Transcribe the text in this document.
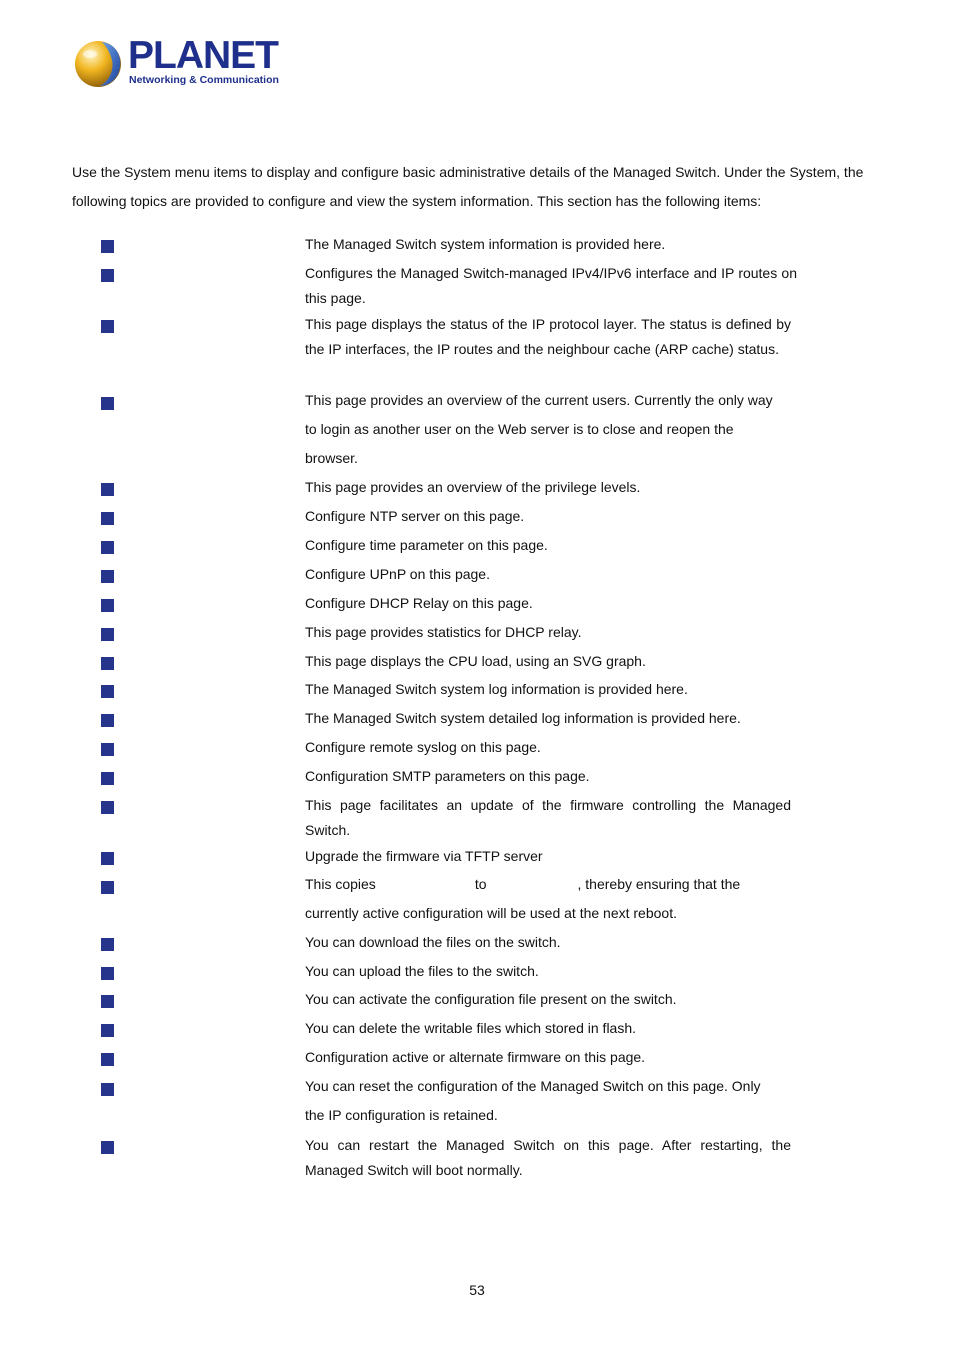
PLANET
Networking & Communication
Use the System menu items to display and configure basic administrative details of the Managed Switch. Under the System, the following topics are provided to configure and view the system information. This section has the following items:
The Managed Switch system information is provided here.
Configures the Managed Switch-managed IPv4/IPv6 interface and IP routes on this page.
This page displays the status of the IP protocol layer. The status is defined by the IP interfaces, the IP routes and the neighbour cache (ARP cache) status.
This page provides an overview of the current users. Currently the only way to login as another user on the Web server is to close and reopen the browser.
This page provides an overview of the privilege levels.
Configure NTP server on this page.
Configure time parameter on this page.
Configure UPnP on this page.
Configure DHCP Relay on this page.
This page provides statistics for DHCP relay.
This page displays the CPU load, using an SVG graph.
The Managed Switch system log information is provided here.
The Managed Switch system detailed log information is provided here.
Configure remote syslog on this page.
Configuration SMTP parameters on this page.
This page facilitates an update of the firmware controlling the Managed Switch.
Upgrade the firmware via TFTP server
This copies	to	, thereby ensuring that the
currently active configuration will be used at the next reboot.
You can download the files on the switch.
You can upload the files to the switch.
You can activate the configuration file present on the switch.
You can delete the writable files which stored in flash.
Configuration active or alternate firmware on this page.
You can reset the configuration of the Managed Switch on this page. Only the IP configuration is retained.
You can restart the Managed Switch on this page. After restarting, the Managed Switch will boot normally.
53
